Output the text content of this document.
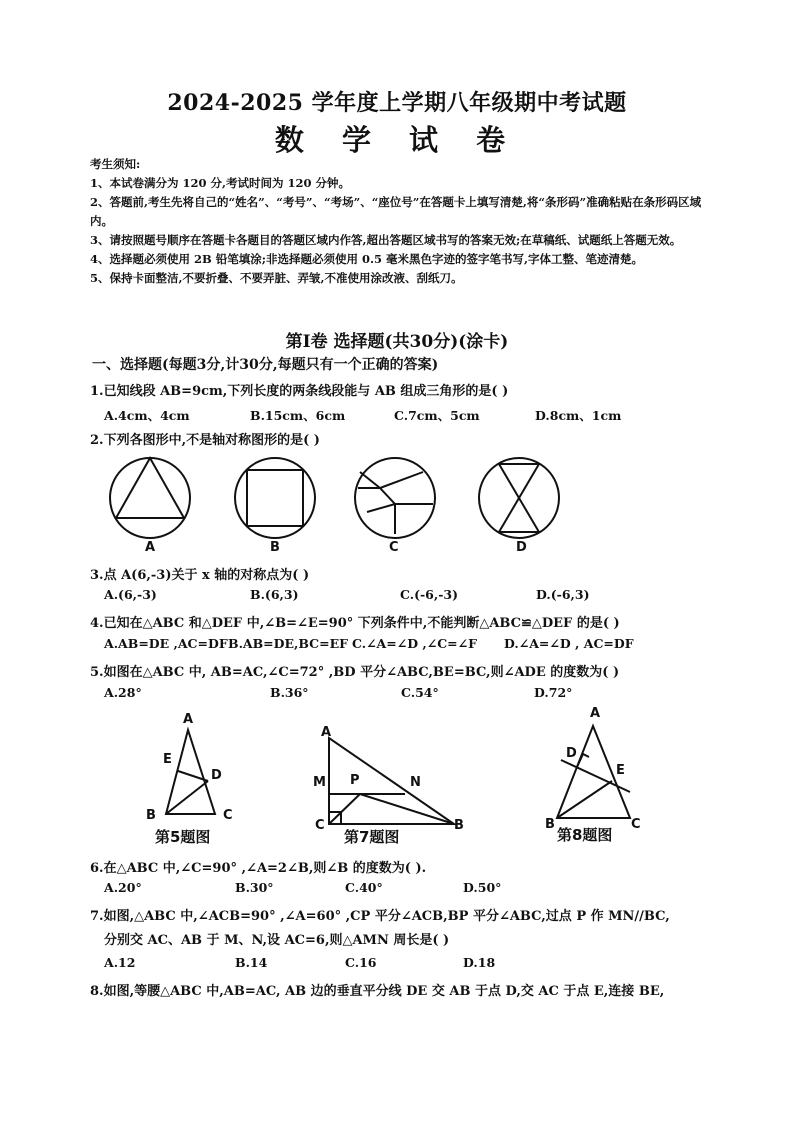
2024-2025 学年度上学期八年级期中考试题
数 学 试 卷
考生须知:
1、本试卷满分为 120 分,考试时间为 120 分钟。
2、答题前,考生先将自己的“姓名”、“考号”、“考场”、“座位号”在答题卡上填写清楚,将“条形码”准确粘贴在条形码区域内。
3、请按照题号顺序在答题卡各题目的答题区域内作答,超出答题区域书写的答案无效;在草稿纸、试题纸上答题无效。
4、选择题必须使用 2B 铅笔填涂;非选择题必须使用 0.5 毫米黑色字迹的签字笔书写,字体工整、笔迹清楚。
5、保持卡面整洁,不要折叠、不要弄脏、弄皱,不准使用涂改液、刮纸刀。
第Ⅰ卷 选择题(共30分)(涂卡)
一、选择题(每题3分,计30分,每题只有一个正确的答案)
1.已知线段 AB=9cm,下列长度的两条线段能与 AB 组成三角形的是( )
A.4cm、4cm	B.15cm、6cm	C.7cm、5cm	D.8cm、1cm
2.下列各图形中,不是轴对称图形的是( )
A	B	C	D
3.点 A(6,-3)关于 x 轴的对称点为( )
A.(6,-3)	B.(6,3)	C.(-6,-3)	D.(-6,3)
4.已知在△ABC 和△DEF 中,∠B=∠E=90° 下列条件中,不能判断△ABC≌△DEF 的是( )
A.AB=DE ,AC=DF B.AB=DE,BC=EF C.∠A=∠D ,∠C=∠F D.∠A=∠D , AC=DF
5.如图在△ABC 中, AB=AC,∠C=72° ,BD 平分∠ABC,BE=BC,则∠ADE 的度数为( )
A.28°	B.36°	C.54°	D.72°
A
E
D
B	C
第5题图
A
M P	N
C	B
第7题图
A
D
E
B	C
第8题图
6.在△ABC 中,∠C=90° ,∠A=2∠B,则∠B 的度数为( ).
A.20°	B.30°	C.40°	D.50°
7.如图,△ABC 中,∠ACB=90° ,∠A=60° ,CP 平分∠ACB,BP 平分∠ABC,过点 P 作 MN//BC,
分别交 AC、AB 于 M、N,设 AC=6,则△AMN 周长是( )
A.12	B.14	C.16	D.18
8.如图,等腰△ABC 中,AB=AC, AB 边的垂直平分线 DE 交 AB 于点 D,交 AC 于点 E,连接 BE,
